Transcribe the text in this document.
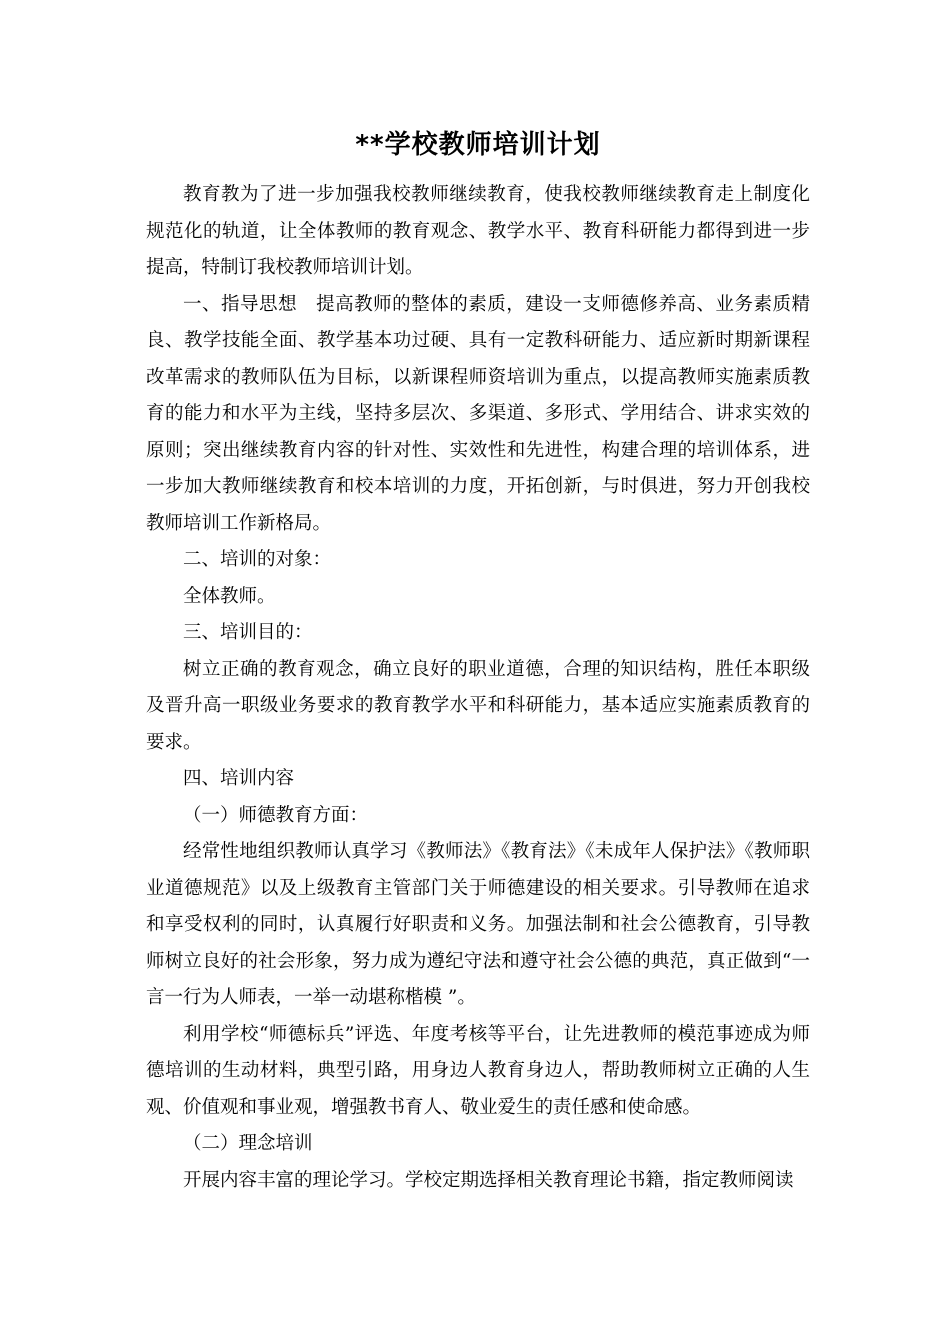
**学校教师培训计划

教育教为了进一步加强我校教师继续教育，使我校教师继续教育走上制度化规范化的轨道，让全体教师的教育观念、教学水平、教育科研能力都得到进一步提高，特制订我校教师培训计划。

一、指导思想　提高教师的整体的素质，建设一支师德修养高、业务素质精良、教学技能全面、教学基本功过硬、具有一定教科研能力、适应新时期新课程改革需求的教师队伍为目标，以新课程师资培训为重点，以提高教师实施素质教育的能力和水平为主线，坚持多层次、多渠道、多形式、学用结合、讲求实效的原则；突出继续教育内容的针对性、实效性和先进性，构建合理的培训体系，进一步加大教师继续教育和校本培训的力度，开拓创新，与时俱进，努力开创我校教师培训工作新格局。

二、培训的对象：

全体教师。

三、培训目的：

树立正确的教育观念，确立良好的职业道德，合理的知识结构，胜任本职级及晋升高一职级业务要求的教育教学水平和科研能力，基本适应实施素质教育的要求。

四、培训内容

（一）师德教育方面：

经常性地组织教师认真学习《教师法》《教育法》《未成年人保护法》《教师职业道德规范》以及上级教育主管部门关于师德建设的相关要求。引导教师在追求和享受权利的同时，认真履行好职责和义务。加强法制和社会公德教育，引导教师树立良好的社会形象，努力成为遵纪守法和遵守社会公德的典范，真正做到“一言一行为人师表，一举一动堪称楷模 ”。

利用学校“师德标兵”评选、年度考核等平台，让先进教师的模范事迹成为师德培训的生动材料，典型引路，用身边人教育身边人，帮助教师树立正确的人生观、价值观和事业观，增强教书育人、敬业爱生的责任感和使命感。

（二）理念培训

开展内容丰富的理论学习。学校定期选择相关教育理论书籍，指定教师阅读
